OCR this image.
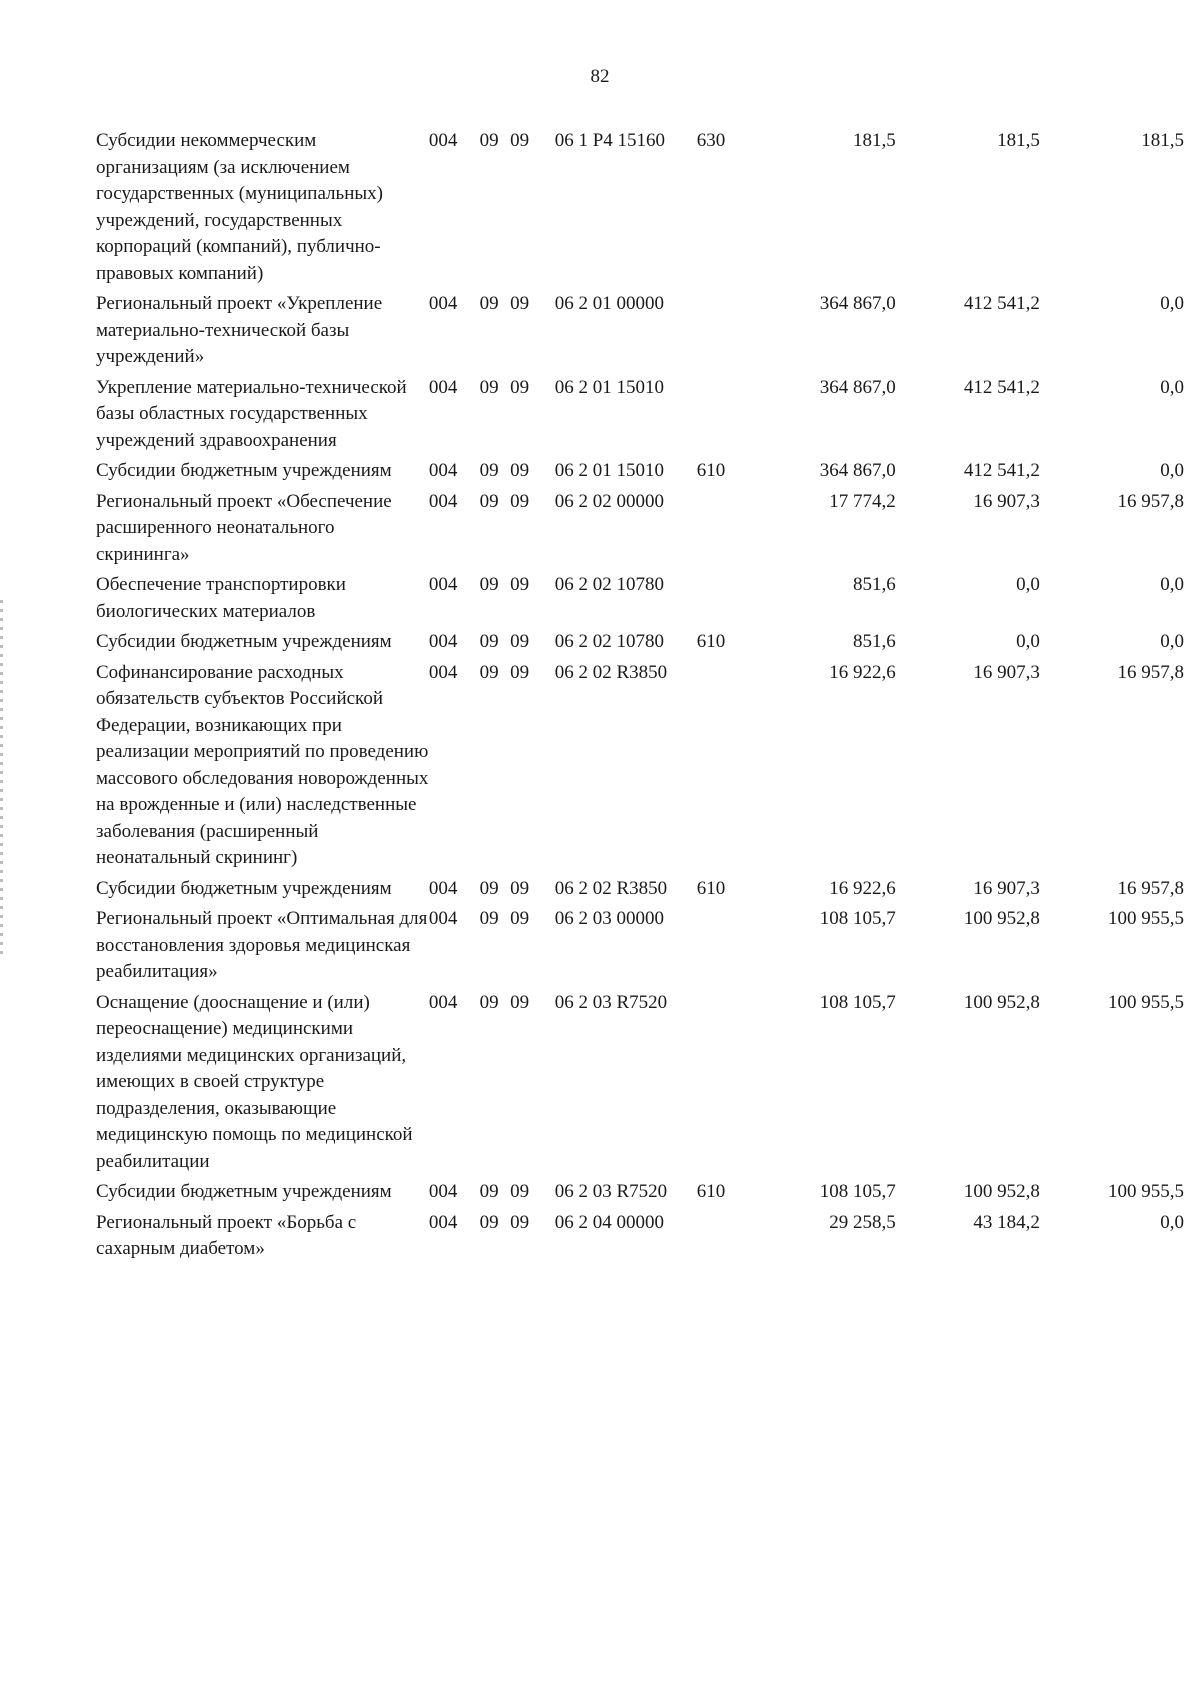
82
Субсидии некоммерческим организациям (за исключением государственных (муниципальных) учреждений, государственных корпораций (компаний), публично-правовых компаний)	004	09	09	06 1 P4 15160	630	181,5	181,5	181,5
Региональный проект «Укрепление материально-технической базы учреждений»	004	09	09	06 2 01 00000		364 867,0	412 541,2	0,0
Укрепление материально-технической базы областных государственных учреждений здравоохранения	004	09	09	06 2 01 15010		364 867,0	412 541,2	0,0
Субсидии бюджетным учреждениям	004	09	09	06 2 01 15010	610	364 867,0	412 541,2	0,0
Региональный проект «Обеспечение расширенного неонатального скрининга»	004	09	09	06 2 02 00000		17 774,2	16 907,3	16 957,8
Обеспечение транспортировки биологических материалов	004	09	09	06 2 02 10780		851,6	0,0	0,0
Субсидии бюджетным учреждениям	004	09	09	06 2 02 10780	610	851,6	0,0	0,0
Софинансирование расходных обязательств субъектов Российской Федерации, возникающих при реализации мероприятий по проведению массового обследования новорожденных на врожденные и (или) наследственные заболевания (расширенный неонатальный скрининг)	004	09	09	06 2 02 R3850		16 922,6	16 907,3	16 957,8
Субсидии бюджетным учреждениям	004	09	09	06 2 02 R3850	610	16 922,6	16 907,3	16 957,8
Региональный проект «Оптимальная для восстановления здоровья медицинская реабилитация»	004	09	09	06 2 03 00000		108 105,7	100 952,8	100 955,5
Оснащение (дооснащение и (или) переоснащение) медицинскими изделиями медицинских организаций, имеющих в своей структуре подразделения, оказывающие медицинскую помощь по медицинской реабилитации	004	09	09	06 2 03 R7520		108 105,7	100 952,8	100 955,5
Субсидии бюджетным учреждениям	004	09	09	06 2 03 R7520	610	108 105,7	100 952,8	100 955,5
Региональный проект «Борьба с сахарным диабетом»	004	09	09	06 2 04 00000		29 258,5	43 184,2	0,0
